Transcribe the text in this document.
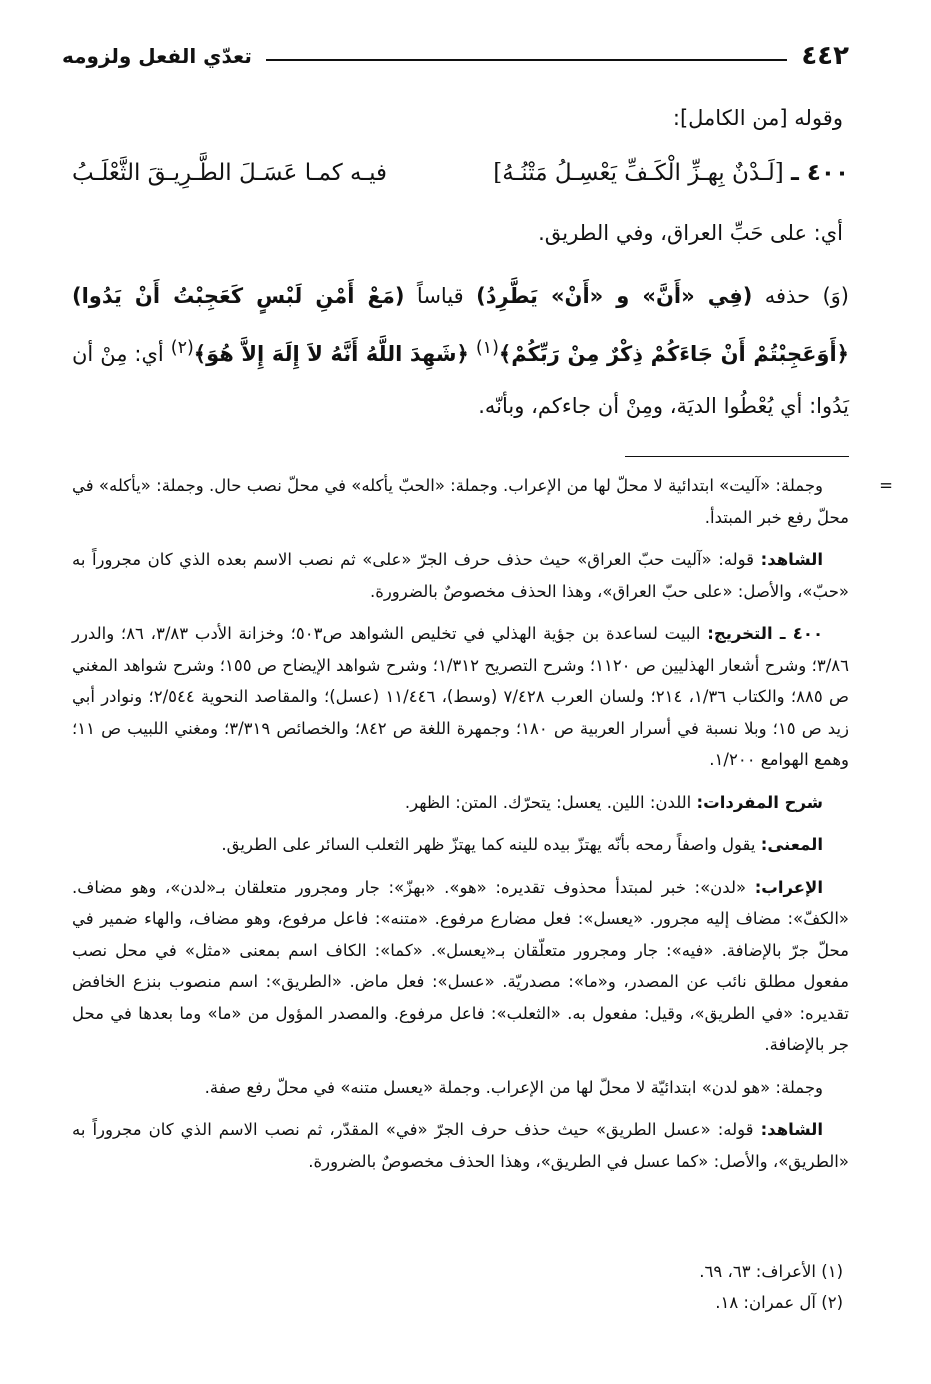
٤٤٢
تعدّي الفعل ولزومه
وقوله [من الكامل]:
٤٠٠ ـ [لَـدْنٌ بِهـزِّ الْكَـفِّ يَعْسِـلُ مَتْنُـهُ]
فيـه كمـا عَسَـلَ الطَّـرِيـقَ الثَّعْلَـبُ
أي: على حَبِّ العراق، وفي الطريق.
(وَ) حذفه (فِي «أَنَّ» و «أَنْ» يَطَّرِدُ) قياساً (مَعْ أَمْنِ لَبْسٍ كَعَجِبْتُ أَنْ يَدُوا) ﴿أَوَعَجِبْتُمْ أَنْ جَاءَكُمْ ذِكْرٌ مِنْ رَبِّكُمْ﴾$^{(١)}$ ﴿شَهِدَ اللَّهُ أَنَّهُ لاَ إِلَهَ إِلاَّ هُوَ﴾$^{(٢)}$ أي: مِنْ أن يَدُوا: أي يُعْطُوا الديَة، ومِنْ أن جاءكم، وبأنّه.

=
وجملة: «آليت» ابتدائية لا محلّ لها من الإعراب. وجملة: «الحبّ يأكله» في محلّ نصب حال. وجملة: «يأكله» في محلّ رفع خبر المبتدأ.

الشاهد: قوله: «آليت حبّ العراق» حيث حذف حرف الجرّ «على» ثم نصب الاسم بعده الذي كان مجروراً به «حبّ»، والأصل: «على حبّ العراق»، وهذا الحذف مخصوصٌ بالضرورة.

٤٠٠ ـ التخريج: البيت لساعدة بن جؤية الهذلي في تخليص الشواهد ص٥٠٣؛ وخزانة الأدب ٣/٨٣، ٨٦؛ والدرر ٣/٨٦؛ وشرح أشعار الهذليين ص ١١٢٠؛ وشرح التصريح ١/٣١٢؛ وشرح شواهد الإيضاح ص ١٥٥؛ وشرح شواهد المغني ص ٨٨٥؛ والكتاب ١/٣٦، ٢١٤؛ ولسان العرب ٧/٤٢٨ (وسط)، ١١/٤٤٦ (عسل)؛ والمقاصد النحوية ٢/٥٤٤؛ ونوادر أبي زيد ص ١٥؛ وبلا نسبة في أسرار العربية ص ١٨٠؛ وجمهرة اللغة ص ٨٤٢؛ والخصائص ٣/٣١٩؛ ومغني اللبيب ص ١١؛ وهمع الهوامع ١/٢٠٠.

شرح المفردات: اللدن: اللين. يعسل: يتحرّك. المتن: الظهر.

المعنى: يقول واصفاً رمحه بأنّه يهتزّ بيده للينه كما يهتزّ ظهر الثعلب السائر على الطريق.

الإعراب: «لدن»: خبر لمبتدأ محذوف تقديره: «هو». «بهزّ»: جار ومجرور متعلقان بـ«لدن»، وهو مضاف. «الكفّ»: مضاف إليه مجرور. «يعسل»: فعل مضارع مرفوع. «متنه»: فاعل مرفوع، وهو مضاف، والهاء ضمير في محلّ جرّ بالإضافة. «فيه»: جار ومجرور متعلّقان بـ«يعسل». «كما»: الكاف اسم بمعنى «مثل» في محل نصب مفعول مطلق نائب عن المصدر، و«ما»: مصدريّة. «عسل»: فعل ماض. «الطريق»: اسم منصوب بنزع الخافض تقديره: «في الطريق»، وقيل: مفعول به. «الثعلب»: فاعل مرفوع. والمصدر المؤول من «ما» وما بعدها في محل جر بالإضافة.

وجملة: «هو لدن» ابتدائيّة لا محلّ لها من الإعراب. وجملة «يعسل متنه» في محلّ رفع صفة.

الشاهد: قوله: «عسل الطريق» حيث حذف حرف الجرّ «في» المقدّر، ثم نصب الاسم الذي كان مجروراً به «الطريق»، والأصل: «كما عسل في الطريق»، وهذا الحذف مخصوصٌ بالضرورة.

(١) الأعراف: ٦٣، ٦٩.
(٢) آل عمران: ١٨.
